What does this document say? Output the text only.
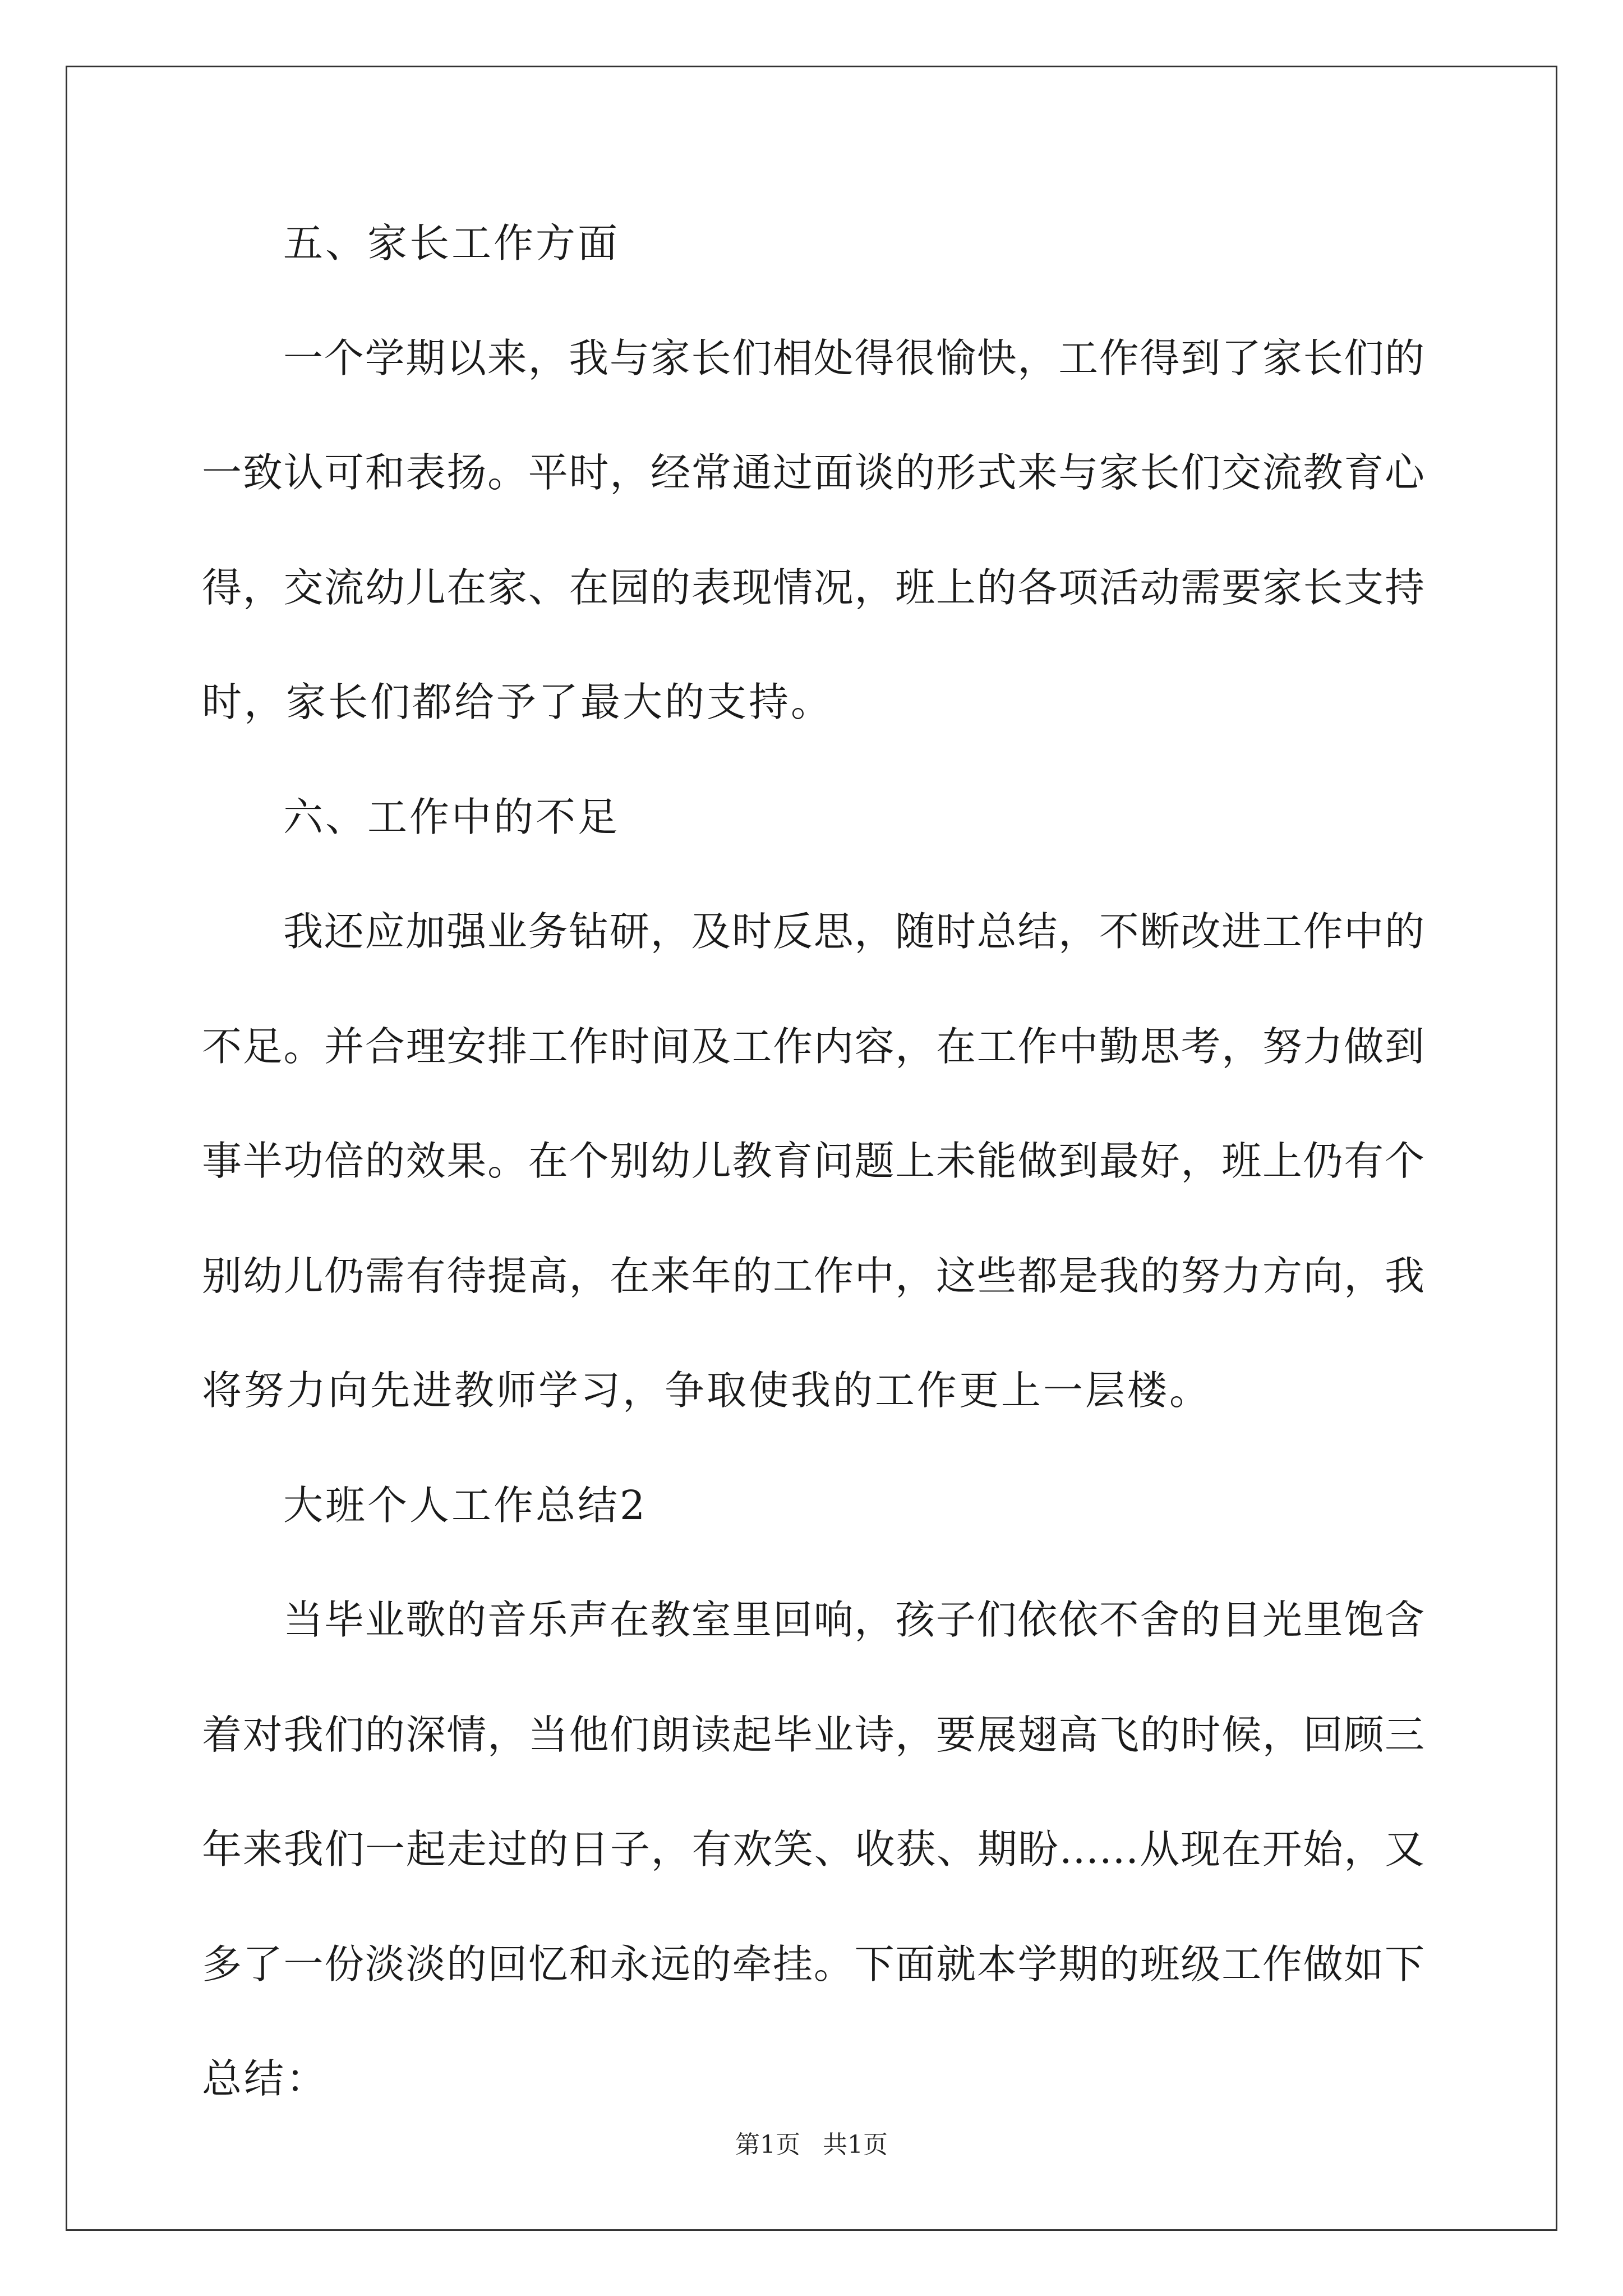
五、家长工作方面
一个学期以来，我与家长们相处得很愉快，工作得到了家长们的
一致认可和表扬。平时，经常通过面谈的形式来与家长们交流教育心
得，交流幼儿在家、在园的表现情况，班上的各项活动需要家长支持
时，家长们都给予了最大的支持。
六、工作中的不足
我还应加强业务钻研，及时反思，随时总结，不断改进工作中的
不足。并合理安排工作时间及工作内容，在工作中勤思考，努力做到
事半功倍的效果。在个别幼儿教育问题上未能做到最好，班上仍有个
别幼儿仍需有待提高，在来年的工作中，这些都是我的努力方向，我
将努力向先进教师学习，争取使我的工作更上一层楼。
大班个人工作总结2
当毕业歌的音乐声在教室里回响，孩子们依依不舍的目光里饱含
着对我们的深情，当他们朗读起毕业诗，要展翅高飞的时候，回顾三
年来我们一起走过的日子，有欢笑、收获、期盼……从现在开始，又
多了一份淡淡的回忆和永远的牵挂。下面就本学期的班级工作做如下
总结：
第1页 共1页
